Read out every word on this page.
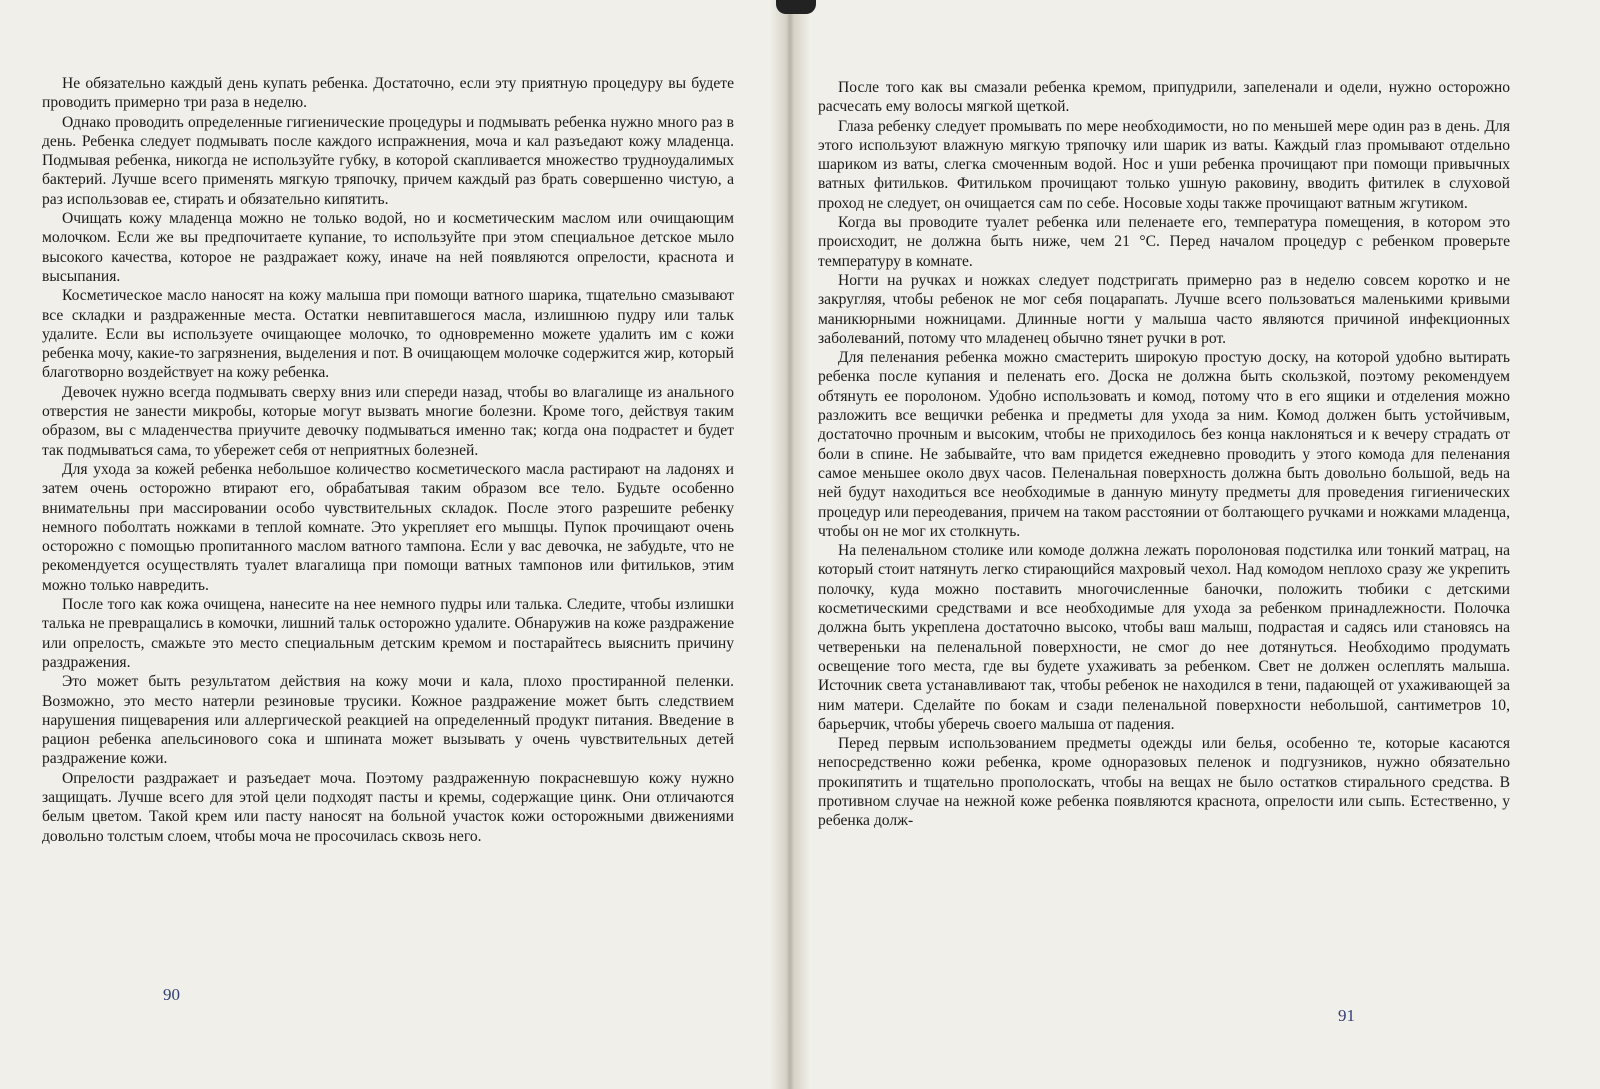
Не обязательно каждый день купать ребенка. Достаточно, если эту приятную процедуру вы будете проводить примерно три раза в неделю.

Однако проводить определенные гигиенические процедуры и подмывать ребенка нужно много раз в день. Ребенка следует подмывать после каждого испражнения, моча и кал разъедают кожу младенца. Подмывая ребенка, никогда не используйте губку, в которой скапливается множество трудноудалимых бактерий. Лучше всего применять мягкую тряпочку, причем каждый раз брать совершенно чистую, а раз использовав ее, стирать и обязательно кипятить.

Очищать кожу младенца можно не только водой, но и косметическим маслом или очищающим молочком. Если же вы предпочитаете купание, то используйте при этом специальное детское мыло высокого качества, которое не раздражает кожу, иначе на ней появляются опрелости, краснота и высыпания.

Косметическое масло наносят на кожу малыша при помощи ватного шарика, тщательно смазывают все складки и раздраженные места. Остатки невпитавшегося масла, излишнюю пудру или тальк удалите. Если вы используете очищающее молочко, то одновременно можете удалить им с кожи ребенка мочу, какие-то загрязнения, выделения и пот. В очищающем молочке содержится жир, который благотворно воздействует на кожу ребенка.

Девочек нужно всегда подмывать сверху вниз или спереди назад, чтобы во влагалище из анального отверстия не занести микробы, которые могут вызвать многие болезни. Кроме того, действуя таким образом, вы с младенчества приучите девочку подмываться именно так; когда она подрастет и будет так подмываться сама, то убережет себя от неприятных болезней.

Для ухода за кожей ребенка небольшое количество косметического масла растирают на ладонях и затем очень осторожно втирают его, обрабатывая таким образом все тело. Будьте особенно внимательны при массировании особо чувствительных складок. После этого разрешите ребенку немного поболтать ножками в теплой комнате. Это укрепляет его мышцы. Пупок прочищают очень осторожно с помощью пропитанного маслом ватного тампона. Если у вас девочка, не забудьте, что не рекомендуется осуществлять туалет влагалища при помощи ватных тампонов или фитильков, этим можно только навредить.

После того как кожа очищена, нанесите на нее немного пудры или талька. Следите, чтобы излишки талька не превращались в комочки, лишний тальк осторожно удалите. Обнаружив на коже раздражение или опрелость, смажьте это место специальным детским кремом и постарайтесь выяснить причину раздражения.

Это может быть результатом действия на кожу мочи и кала, плохо простиранной пеленки. Возможно, это место натерли резиновые трусики. Кожное раздражение может быть следствием нарушения пищеварения или аллергической реакцией на определенный продукт питания. Введение в рацион ребенка апельсинового сока и шпината может вызывать у очень чувствительных детей раздражение кожи.

Опрелости раздражает и разъедает моча. Поэтому раздраженную покрасневшую кожу нужно защищать. Лучше всего для этой цели подходят пасты и кремы, содержащие цинк. Они отличаются белым цветом. Такой крем или пасту наносят на больной участок кожи осторожными движениями довольно толстым слоем, чтобы моча не просочилась сквозь него.

90

После того как вы смазали ребенка кремом, припудрили, запеленали и одели, нужно осторожно расчесать ему волосы мягкой щеткой.

Глаза ребенку следует промывать по мере необходимости, но по меньшей мере один раз в день. Для этого используют влажную мягкую тряпочку или шарик из ваты. Каждый глаз промывают отдельно шариком из ваты, слегка смоченным водой. Нос и уши ребенка прочищают при помощи привычных ватных фитильков. Фитильком прочищают только ушную раковину, вводить фитилек в слуховой проход не следует, он очищается сам по себе. Носовые ходы также прочищают ватным жгутиком.

Когда вы проводите туалет ребенка или пеленаете его, температура помещения, в котором это происходит, не должна быть ниже, чем 21 °С. Перед началом процедур с ребенком проверьте температуру в комнате.

Ногти на ручках и ножках следует подстригать примерно раз в неделю совсем коротко и не закругляя, чтобы ребенок не мог себя поцарапать. Лучше всего пользоваться маленькими кривыми маникюрными ножницами. Длинные ногти у малыша часто являются причиной инфекционных заболеваний, потому что младенец обычно тянет ручки в рот.

Для пеленания ребенка можно смастерить широкую простую доску, на которой удобно вытирать ребенка после купания и пеленать его. Доска не должна быть скользкой, поэтому рекомендуем обтянуть ее поролоном. Удобно использовать и комод, потому что в его ящики и отделения можно разложить все вещички ребенка и предметы для ухода за ним. Комод должен быть устойчивым, достаточно прочным и высоким, чтобы не приходилось без конца наклоняться и к вечеру страдать от боли в спине. Не забывайте, что вам придется ежедневно проводить у этого комода для пеленания самое меньшее около двух часов. Пеленальная поверхность должна быть довольно большой, ведь на ней будут находиться все необходимые в данную минуту предметы для проведения гигиенических процедур или переодевания, причем на таком расстоянии от болтающего ручками и ножками младенца, чтобы он не мог их столкнуть.

На пеленальном столике или комоде должна лежать поролоновая подстилка или тонкий матрац, на который стоит натянуть легко стирающийся махровый чехол. Над комодом неплохо сразу же укрепить полочку, куда можно поставить многочисленные баночки, положить тюбики с детскими косметическими средствами и все необходимые для ухода за ребенком принадлежности. Полочка должна быть укреплена достаточно высоко, чтобы ваш малыш, подрастая и садясь или становясь на четвереньки на пеленальной поверхности, не смог до нее дотянуться. Необходимо продумать освещение того места, где вы будете ухаживать за ребенком. Свет не должен ослеплять малыша. Источник света устанавливают так, чтобы ребенок не находился в тени, падающей от ухаживающей за ним матери. Сделайте по бокам и сзади пеленальной поверхности небольшой, сантиметров 10, барьерчик, чтобы уберечь своего малыша от падения.

Перед первым использованием предметы одежды или белья, особенно те, которые касаются непосредственно кожи ребенка, кроме одноразовых пеленок и подгузников, нужно обязательно прокипятить и тщательно прополоскать, чтобы на вещах не было остатков стирального средства. В противном случае на нежной коже ребенка появляются краснота, опрелости или сыпь. Естественно, у ребенка долж-

91
